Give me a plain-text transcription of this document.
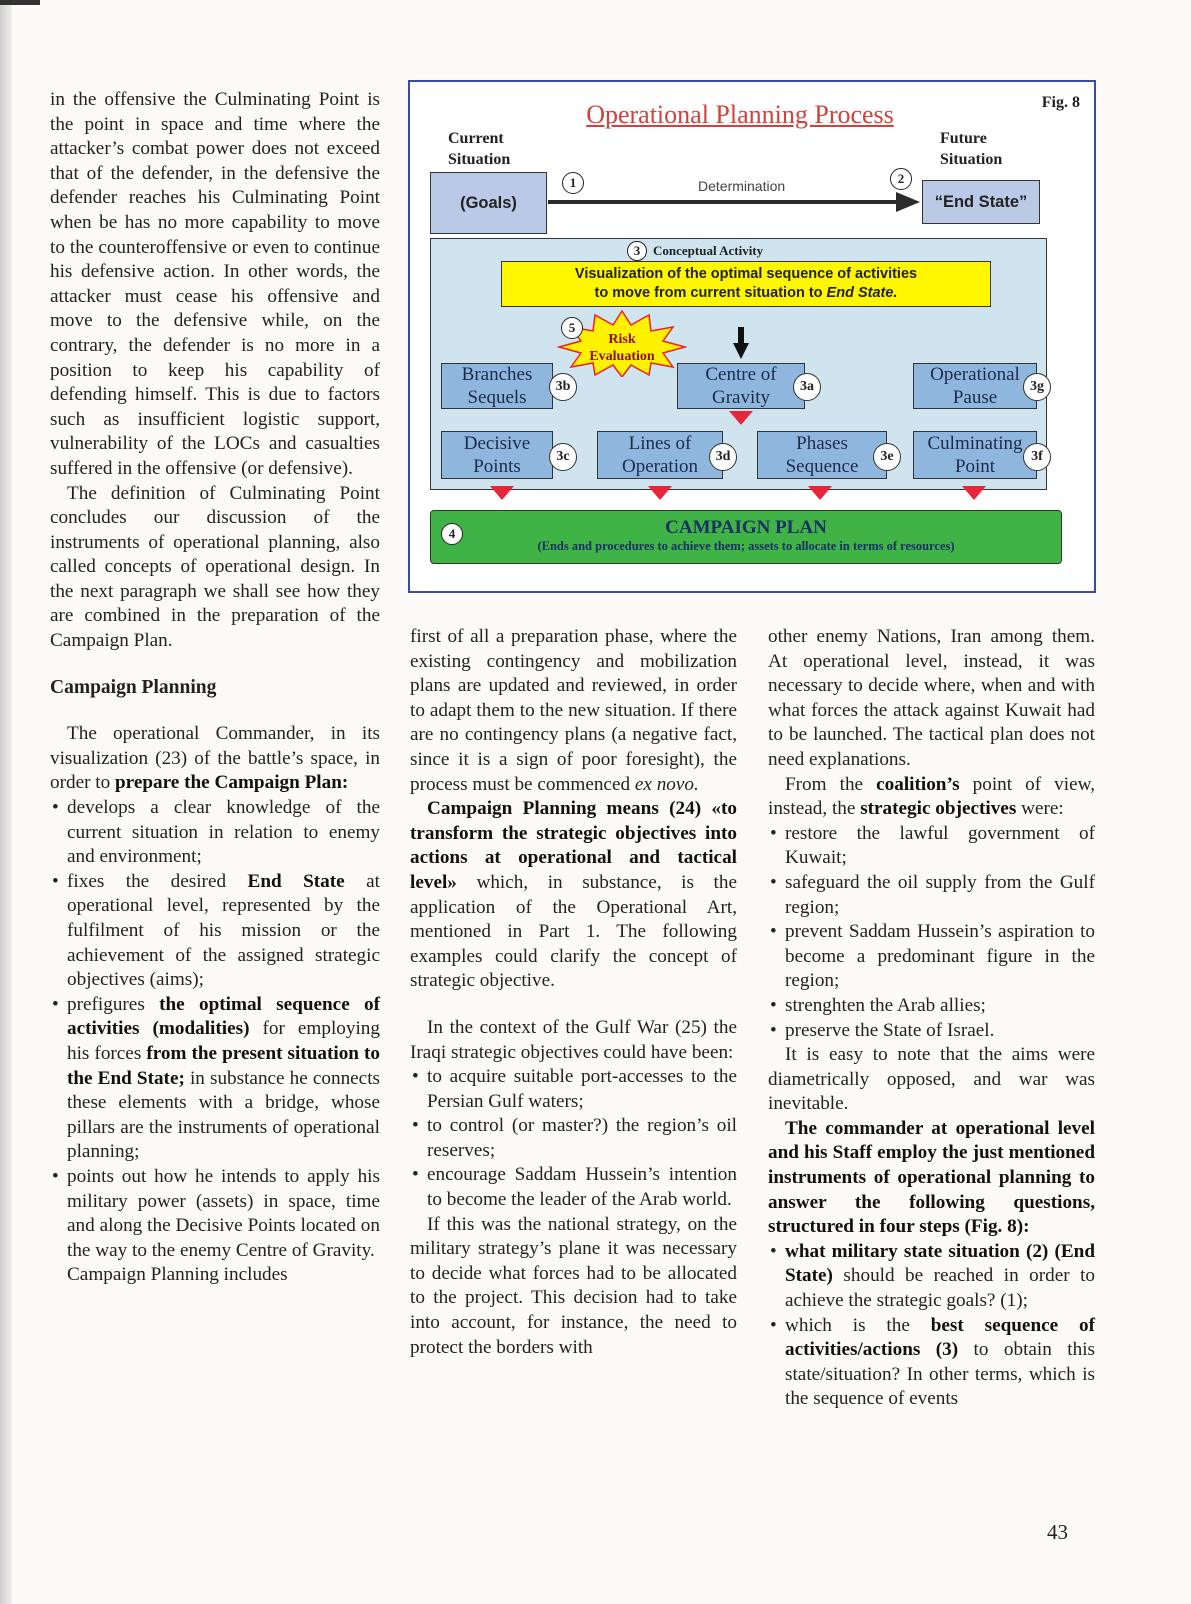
in the offensive the Culminating Point is the point in space and time where the attacker’s combat power does not exceed that of the defender, in the defensive the defender reaches his Culminating Point when be has no more capability to move to the counteroffensive or even to continue his defensive action. In other words, the attacker must cease his offensive and move to the defensive while, on the contrary, the defender is no more in a position to keep his capability of defending himself. This is due to factors such as insufficient logistic support, vulnerability of the LOCs and casualties suffered in the offensive (or defensive).

The definition of Culminating Point concludes our discussion of the instruments of operational planning, also called concepts of operational design. In the next paragraph we shall see how they are combined in the preparation of the Campaign Plan.

Campaign Planning

The operational Commander, in its visualization (23) of the battle’s space, in order to prepare the Campaign Plan:

• develops a clear knowledge of the current situation in relation to enemy and environment;
• fixes the desired End State at operational level, represented by the fulfilment of his mission or the achievement of the assigned strategic objectives (aims);
• prefigures the optimal sequence of activities (modalities) for employing his forces from the present situation to the End State; in substance he connects these elements with a bridge, whose pillars are the instruments of operational planning;
• points out how he intends to apply his military power (assets) in space, time and along the Decisive Points located on the way to the enemy Centre of Gravity.

Campaign Planning includes

Operational Planning Process	Fig. 8
Current
Situation
Future
Situation
(Goals)	“End State”
Determination
1	2
3 Conceptual Activity
Visualization of the optimal sequence of activities
to move from current situation to End State.
Risk
Evaluation
5
Branches
Sequels
3b
Centre of
Gravity
3a
Operational
Pause
3g
Decisive
Points	3c
Lines of
Operation	3d
Phases
Sequence	3e
Culminating
Point	3f
4	CAMPAIGN PLAN
(Ends and procedures to achieve them; assets to allocate in terms of resources)

first of all a preparation phase, where the existing contingency and mobilization plans are updated and reviewed, in order to adapt them to the new situation. If there are no contingency plans (a negative fact, since it is a sign of poor foresight), the process must be commenced ex novo.

Campaign Planning means (24) «to transform the strategic objectives into actions at operational and tactical level» which, in substance, is the application of the Operational Art, mentioned in Part 1. The following examples could clarify the concept of strategic objective.

In the context of the Gulf War (25) the Iraqi strategic objectives could have been:

• to acquire suitable port-accesses to the Persian Gulf waters;
• to control (or master?) the region’s oil reserves;
• encourage Saddam Hussein’s intention to become the leader of the Arab world.

If this was the national strategy, on the military strategy’s plane it was necessary to decide what forces had to be allocated to the project. This decision had to take into account, for instance, the need to protect the borders with

other enemy Nations, Iran among them. At operational level, instead, it was necessary to decide where, when and with what forces the attack against Kuwait had to be launched. The tactical plan does not need explanations.

From the coalition’s point of view, instead, the strategic objectives were:

• restore the lawful government of Kuwait;
• safeguard the oil supply from the Gulf region;
• prevent Saddam Hussein’s aspiration to become a predominant figure in the region;
• strenghten the Arab allies;
• preserve the State of Israel.

It is easy to note that the aims were diametrically opposed, and war was inevitable.

The commander at operational level and his Staff employ the just mentioned instruments of operational planning to answer the following questions, structured in four steps (Fig. 8):

• what military state situation (2) (End State) should be reached in order to achieve the strategic goals? (1);
• which is the best sequence of activities/actions (3) to obtain this state/situation? In other terms, which is the sequence of events
43
